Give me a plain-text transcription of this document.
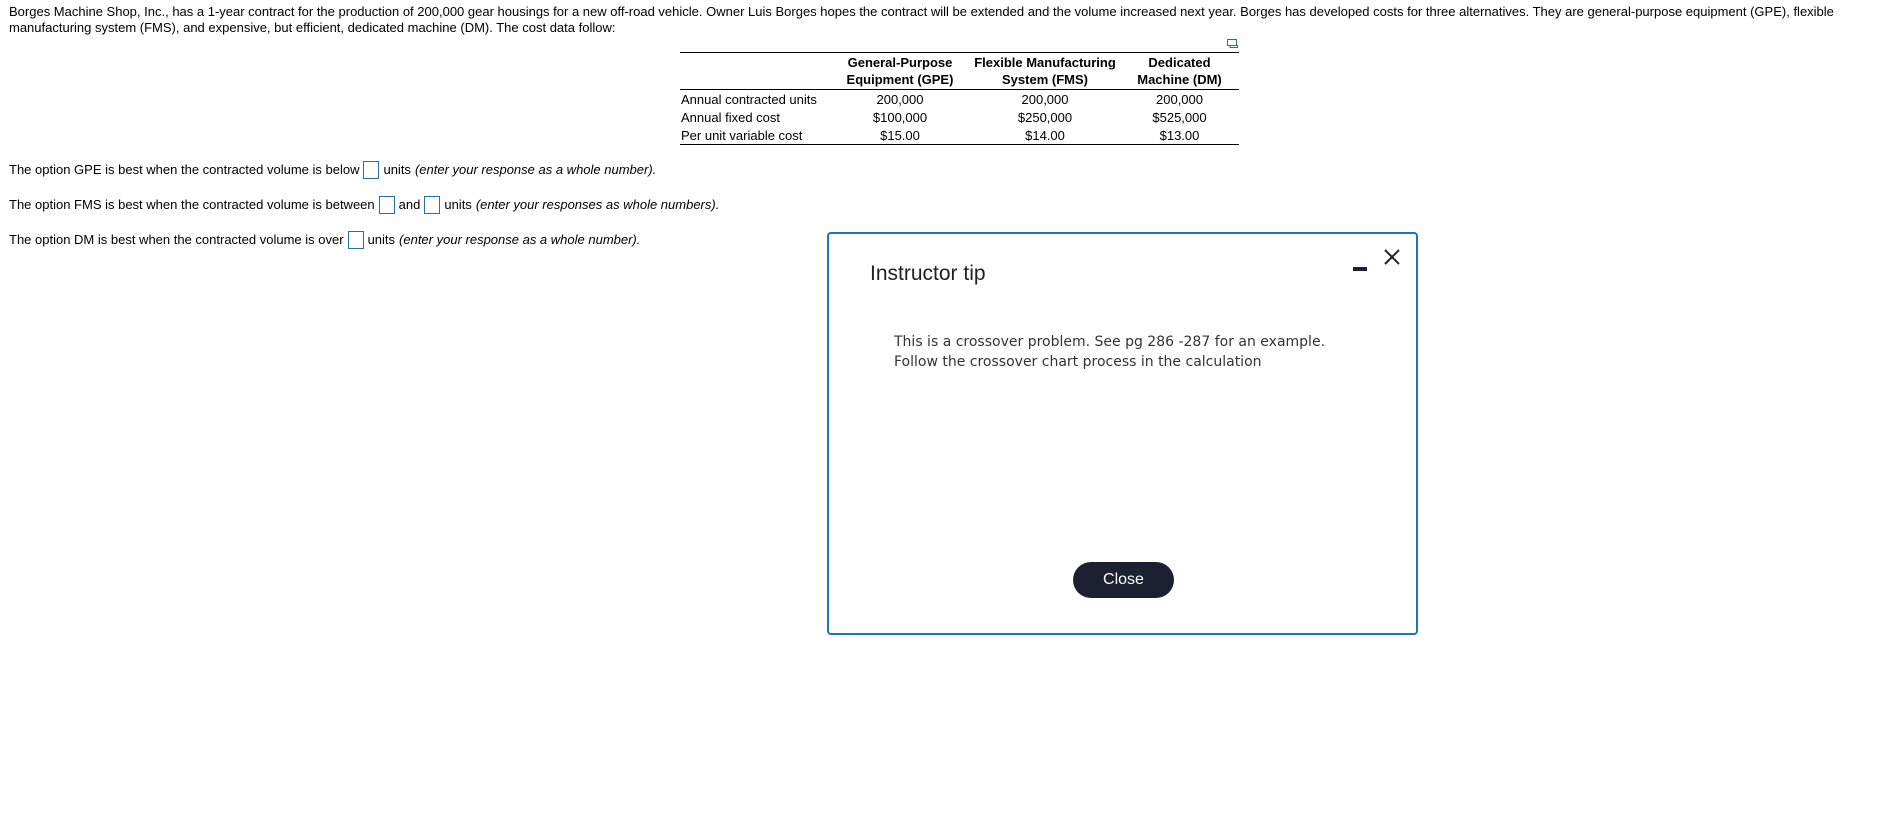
Borges Machine Shop, Inc., has a 1-year contract for the production of 200,000 gear housings for a new off-road vehicle. Owner Luis Borges hopes the contract will be extended and the volume increased next year. Borges has developed costs for three alternatives. They are general-purpose equipment (GPE), flexible manufacturing system (FMS), and expensive, but efficient, dedicated machine (DM). The cost data follow:
	General-Purpose Equipment (GPE)	Flexible Manufacturing System (FMS)	Dedicated Machine (DM)
Annual contracted units	200,000	200,000	200,000
Annual fixed cost	$100,000	$250,000	$525,000
Per unit variable cost	$15.00	$14.00	$13.00
The option GPE is best when the contracted volume is below units (enter your response as a whole number).
The option FMS is best when the contracted volume is between and units (enter your responses as whole numbers).
The option DM is best when the contracted volume is over units (enter your response as a whole number).
Instructor tip
This is a crossover problem. See pg 286 -287 for an example. Follow the crossover chart process in the calculation
Close
